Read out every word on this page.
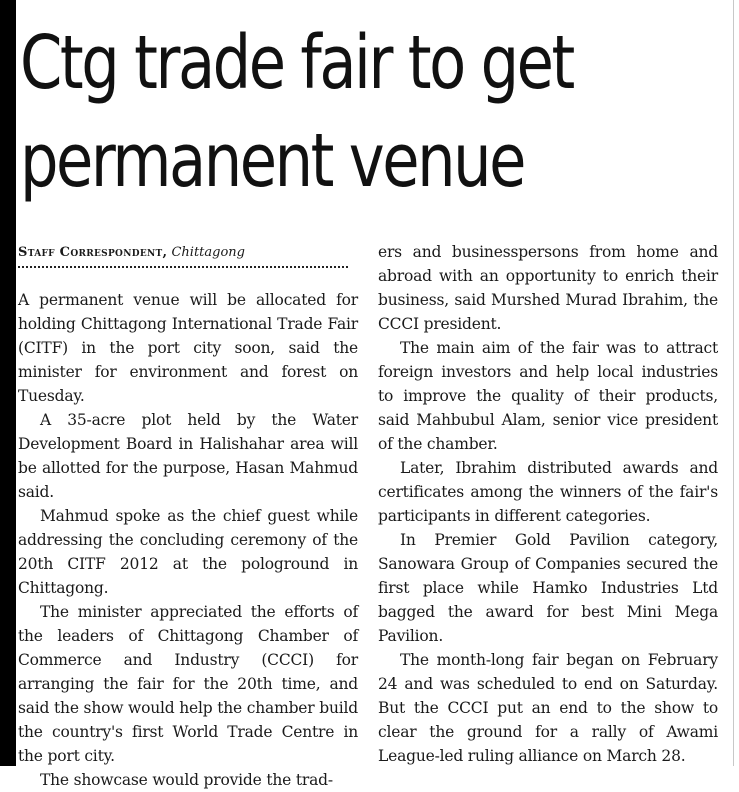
Ctg trade fair to get
permanent venue
Staff Correspondent, Chittagong

A permanent venue will be allocated for holding Chittagong International Trade Fair (CITF) in the port city soon, said the minister for environment and forest on Tuesday.

A 35-acre plot held by the Water Development Board in Halishahar area will be allotted for the purpose, Hasan Mahmud said.

Mahmud spoke as the chief guest while addressing the concluding ceremony of the 20th CITF 2012 at the pologround in Chittagong.

The minister appreciated the efforts of the leaders of Chittagong Chamber of Commerce and Industry (CCCI) for arranging the fair for the 20th time, and said the show would help the chamber build the country's first World Trade Centre in the port city.

The showcase would provide the trad-

ers and businesspersons from home and abroad with an opportunity to enrich their business, said Murshed Murad Ibrahim, the CCCI president.

The main aim of the fair was to attract foreign investors and help local industries to improve the quality of their products, said Mahbubul Alam, senior vice president of the chamber.

Later, Ibrahim distributed awards and certificates among the winners of the fair's participants in different categories.

In Premier Gold Pavilion category, Sanowara Group of Companies secured the first place while Hamko Industries Ltd bagged the award for best Mini Mega Pavilion.

The month-long fair began on February 24 and was scheduled to end on Saturday. But the CCCI put an end to the show to clear the ground for a rally of Awami League-led ruling alliance on March 28.
